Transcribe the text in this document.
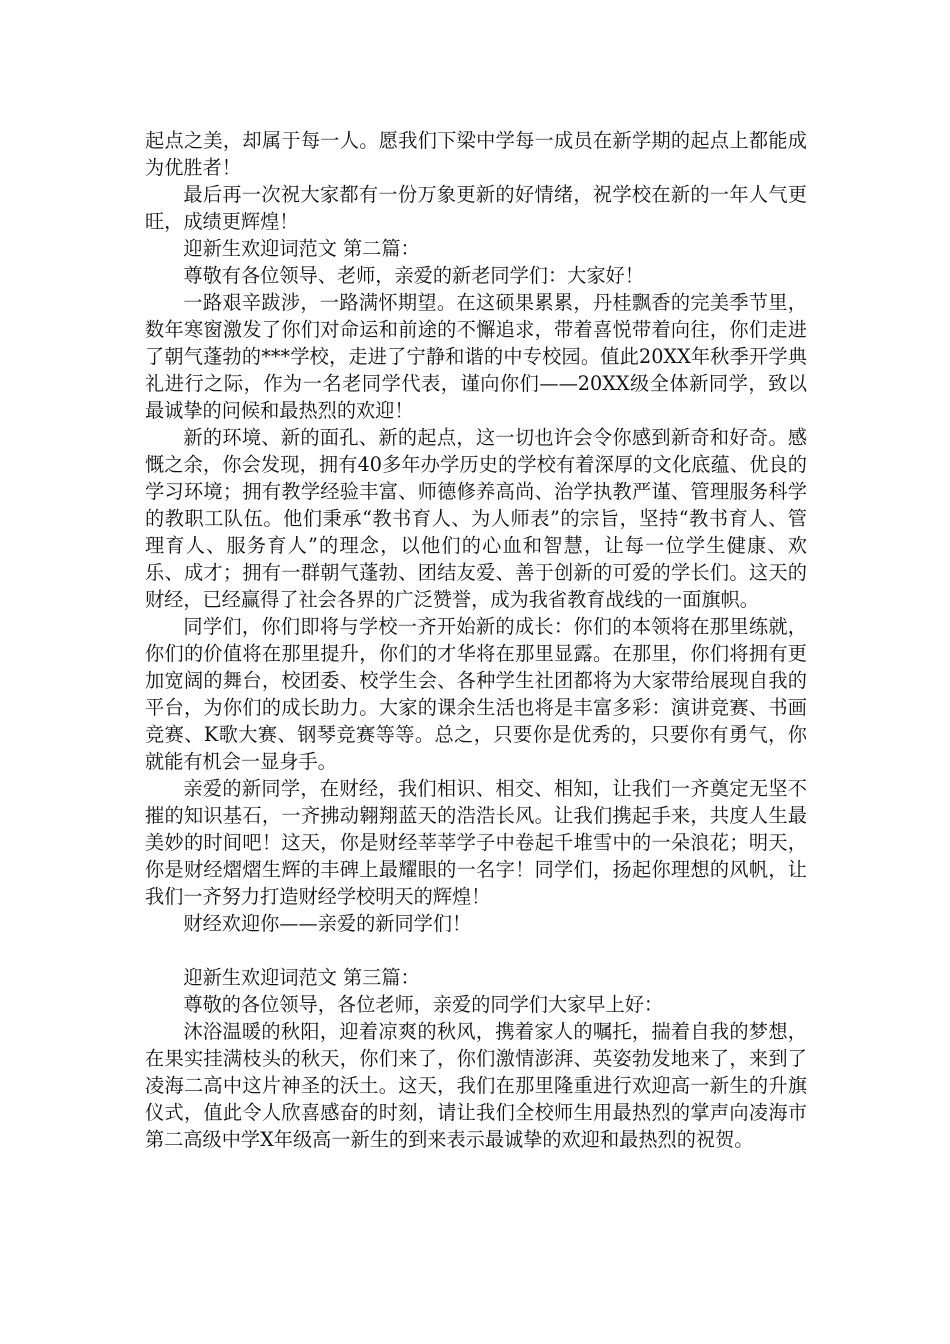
起点之美，却属于每一人。愿我们下梁中学每一成员在新学期的起点上都能成为优胜者！

最后再一次祝大家都有一份万象更新的好情绪，祝学校在新的一年人气更旺，成绩更辉煌！

迎新生欢迎词范文 第二篇：

尊敬有各位领导、老师，亲爱的新老同学们：大家好！

一路艰辛跋涉，一路满怀期望。在这硕果累累，丹桂飘香的完美季节里，数年寒窗激发了你们对命运和前途的不懈追求，带着喜悦带着向往，你们走进了朝气蓬勃的***学校，走进了宁静和谐的中专校园。值此20XX年秋季开学典礼进行之际，作为一名老同学代表，谨向你们——20XX级全体新同学，致以最诚挚的问候和最热烈的欢迎！

新的环境、新的面孔、新的起点，这一切也许会令你感到新奇和好奇。感慨之余，你会发现，拥有40多年办学历史的学校有着深厚的文化底蕴、优良的学习环境；拥有教学经验丰富、师德修养高尚、治学执教严谨、管理服务科学的教职工队伍。他们秉承“教书育人、为人师表”的宗旨，坚持“教书育人、管理育人、服务育人”的理念，以他们的心血和智慧，让每一位学生健康、欢乐、成才；拥有一群朝气蓬勃、团结友爱、善于创新的可爱的学长们。这天的财经，已经赢得了社会各界的广泛赞誉，成为我省教育战线的一面旗帜。

同学们，你们即将与学校一齐开始新的成长：你们的本领将在那里练就，你们的价值将在那里提升，你们的才华将在那里显露。在那里，你们将拥有更加宽阔的舞台，校团委、校学生会、各种学生社团都将为大家带给展现自我的平台，为你们的成长助力。大家的课余生活也将是丰富多彩：演讲竞赛、书画竞赛、K歌大赛、钢琴竞赛等等。总之，只要你是优秀的，只要你有勇气，你就能有机会一显身手。

亲爱的新同学，在财经，我们相识、相交、相知，让我们一齐奠定无坚不摧的知识基石，一齐拂动翱翔蓝天的浩浩长风。让我们携起手来，共度人生最美妙的时间吧！这天，你是财经莘莘学子中卷起千堆雪中的一朵浪花；明天，你是财经熠熠生辉的丰碑上最耀眼的一名字！同学们，扬起你理想的风帆，让我们一齐努力打造财经学校明天的辉煌！

财经欢迎你——亲爱的新同学们！

迎新生欢迎词范文 第三篇：

尊敬的各位领导，各位老师，亲爱的同学们大家早上好：

沐浴温暖的秋阳，迎着凉爽的秋风，携着家人的嘱托，揣着自我的梦想，在果实挂满枝头的秋天，你们来了，你们激情澎湃、英姿勃发地来了，来到了凌海二高中这片神圣的沃土。这天，我们在那里隆重进行欢迎高一新生的升旗仪式，值此令人欣喜感奋的时刻，请让我们全校师生用最热烈的掌声向凌海市第二高级中学X年级高一新生的到来表示最诚挚的欢迎和最热烈的祝贺。
